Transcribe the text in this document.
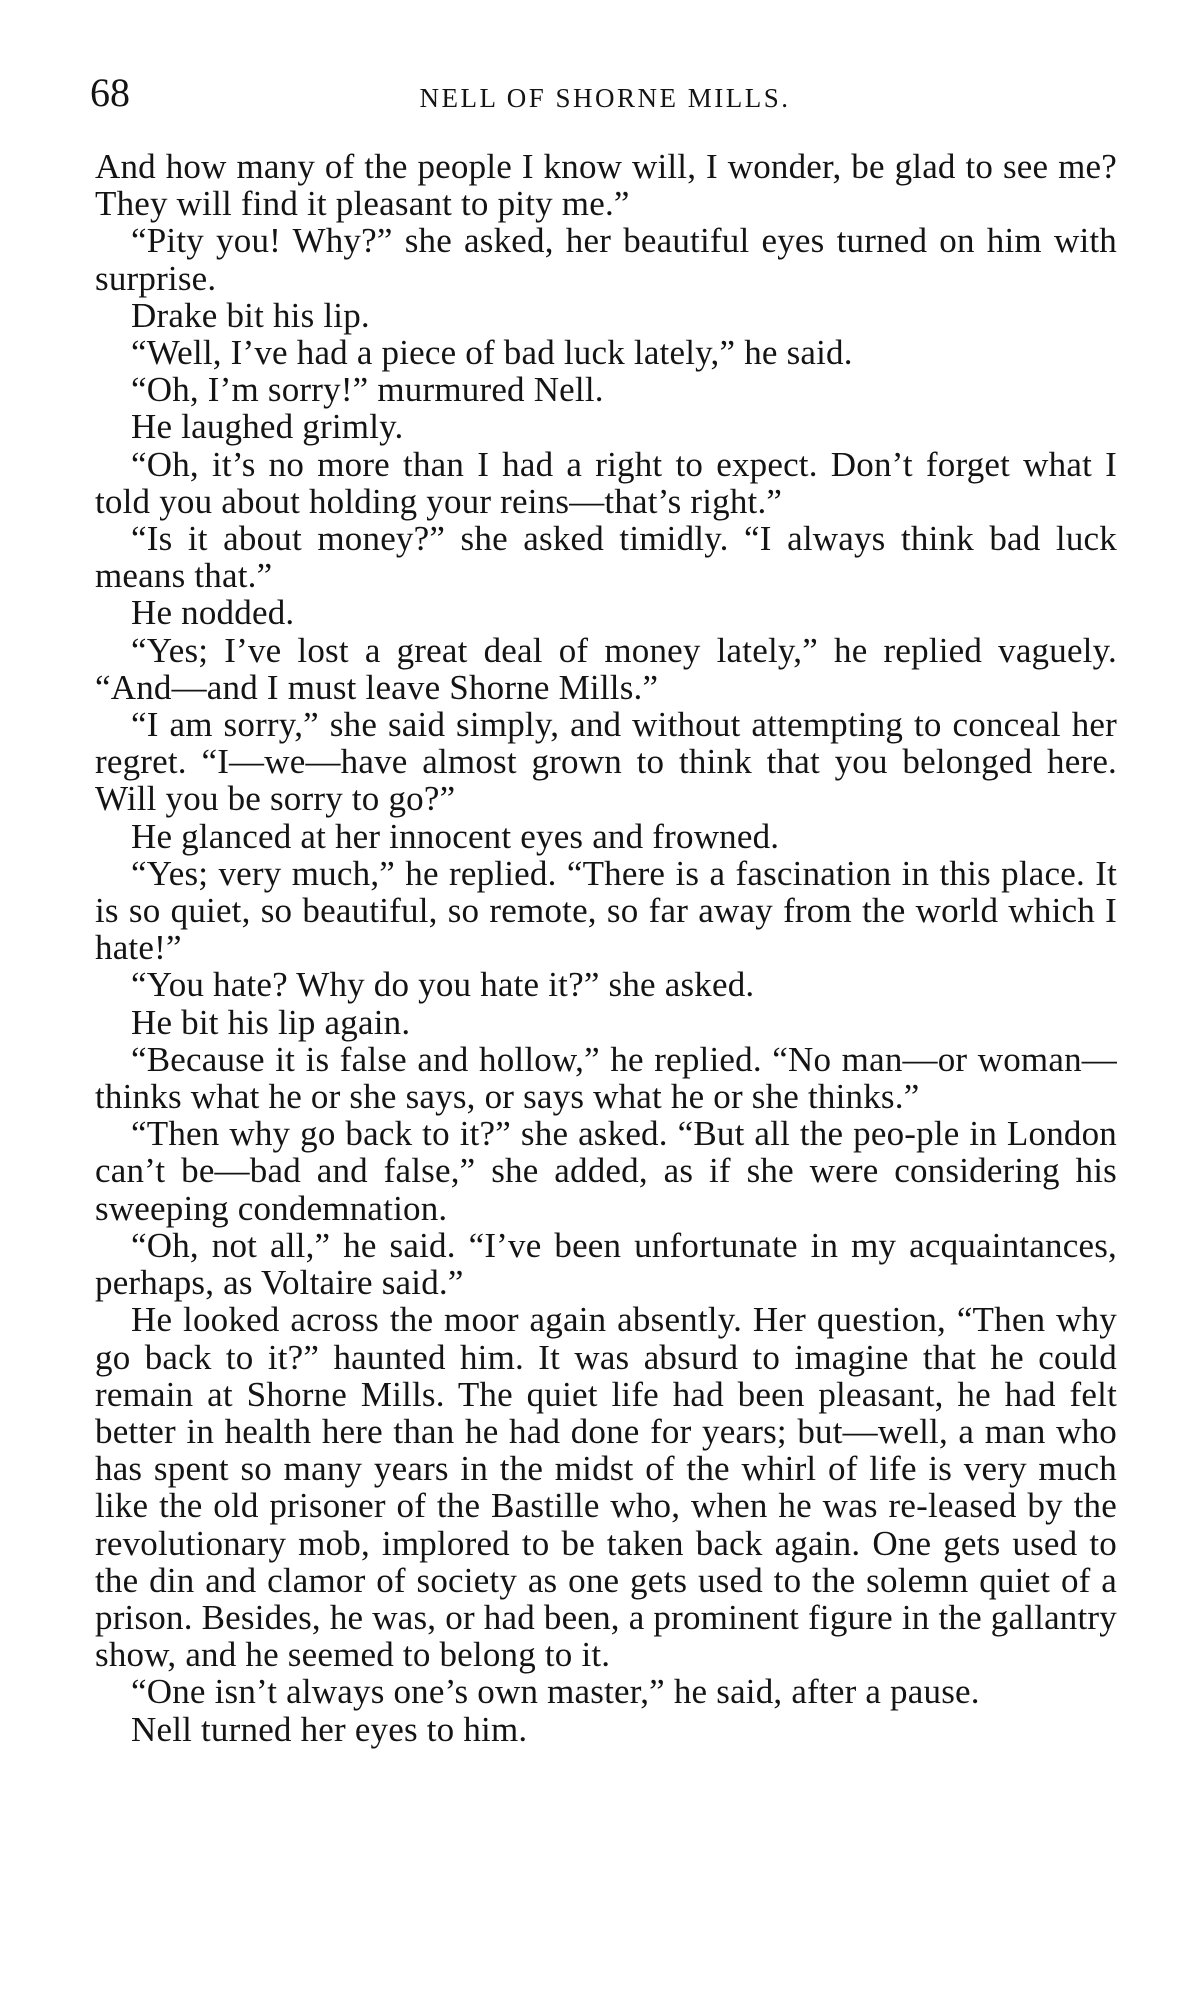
68	NELL OF SHORNE MILLS.

And how many of the people I know will, I wonder, be glad to see me? They will find it pleasant to pity me.”

“Pity you! Why?” she asked, her beautiful eyes turned on him with surprise.

Drake bit his lip.

“Well, I’ve had a piece of bad luck lately,” he said.

“Oh, I’m sorry!” murmured Nell.

He laughed grimly.

“Oh, it’s no more than I had a right to expect. Don’t forget what I told you about holding your reins—that’s right.”

“Is it about money?” she asked timidly. “I always think bad luck means that.”

He nodded.

“Yes; I’ve lost a great deal of money lately,” he replied vaguely. “And—and I must leave Shorne Mills.”

“I am sorry,” she said simply, and without attempting to conceal her regret. “I—we—have almost grown to think that you belonged here. Will you be sorry to go?”

He glanced at her innocent eyes and frowned.

“Yes; very much,” he replied. “There is a fascination in this place. It is so quiet, so beautiful, so remote, so far away from the world which I hate!”

“You hate? Why do you hate it?” she asked.

He bit his lip again.

“Because it is false and hollow,” he replied. “No man—or woman—thinks what he or she says, or says what he or she thinks.”

“Then why go back to it?” she asked. “But all the peo-ple in London can’t be—bad and false,” she added, as if she were considering his sweeping condemnation.

“Oh, not all,” he said. “I’ve been unfortunate in my acquaintances, perhaps, as Voltaire said.”

He looked across the moor again absently. Her question, “Then why go back to it?” haunted him. It was absurd to imagine that he could remain at Shorne Mills. The quiet life had been pleasant, he had felt better in health here than he had done for years; but—well, a man who has spent so many years in the midst of the whirl of life is very much like the old prisoner of the Bastille who, when he was re-leased by the revolutionary mob, implored to be taken back again. One gets used to the din and clamor of society as one gets used to the solemn quiet of a prison. Besides, he was, or had been, a prominent figure in the gallantry show, and he seemed to belong to it.

“One isn’t always one’s own master,” he said, after a pause.

Nell turned her eyes to him.
